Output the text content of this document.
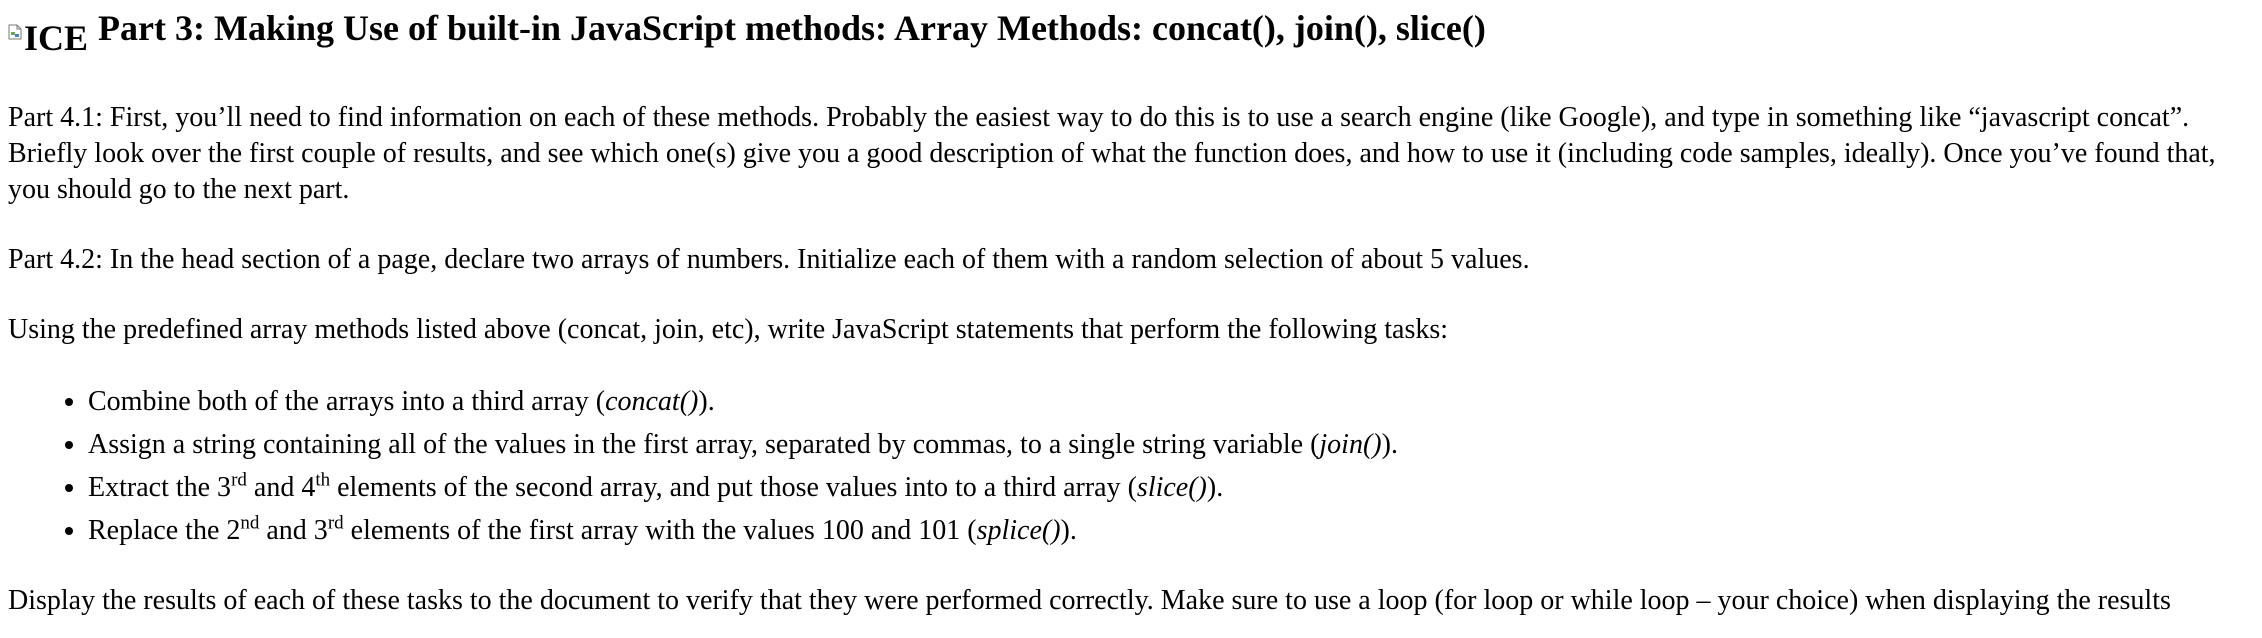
ICE Part 3: Making Use of built-in JavaScript methods: Array Methods: concat(), join(), slice()

Part 4.1: First, you’ll need to find information on each of these methods. Probably the easiest way to do this is to use a search engine (like Google), and type in something like “javascript concat”. Briefly look over the first couple of results, and see which one(s) give you a good description of what the function does, and how to use it (including code samples, ideally). Once you’ve found that, you should go to the next part.

Part 4.2: In the head section of a page, declare two arrays of numbers. Initialize each of them with a random selection of about 5 values.

Using the predefined array methods listed above (concat, join, etc), write JavaScript statements that perform the following tasks:

• Combine both of the arrays into a third array (concat()).
• Assign a string containing all of the values in the first array, separated by commas, to a single string variable (join()).
• Extract the 3rd and 4th elements of the second array, and put those values into to a third array (slice()).
• Replace the 2nd and 3rd elements of the first array with the values 100 and 101 (splice()).

Display the results of each of these tasks to the document to verify that they were performed correctly. Make sure to use a loop (for loop or while loop – your choice) when displaying the results
